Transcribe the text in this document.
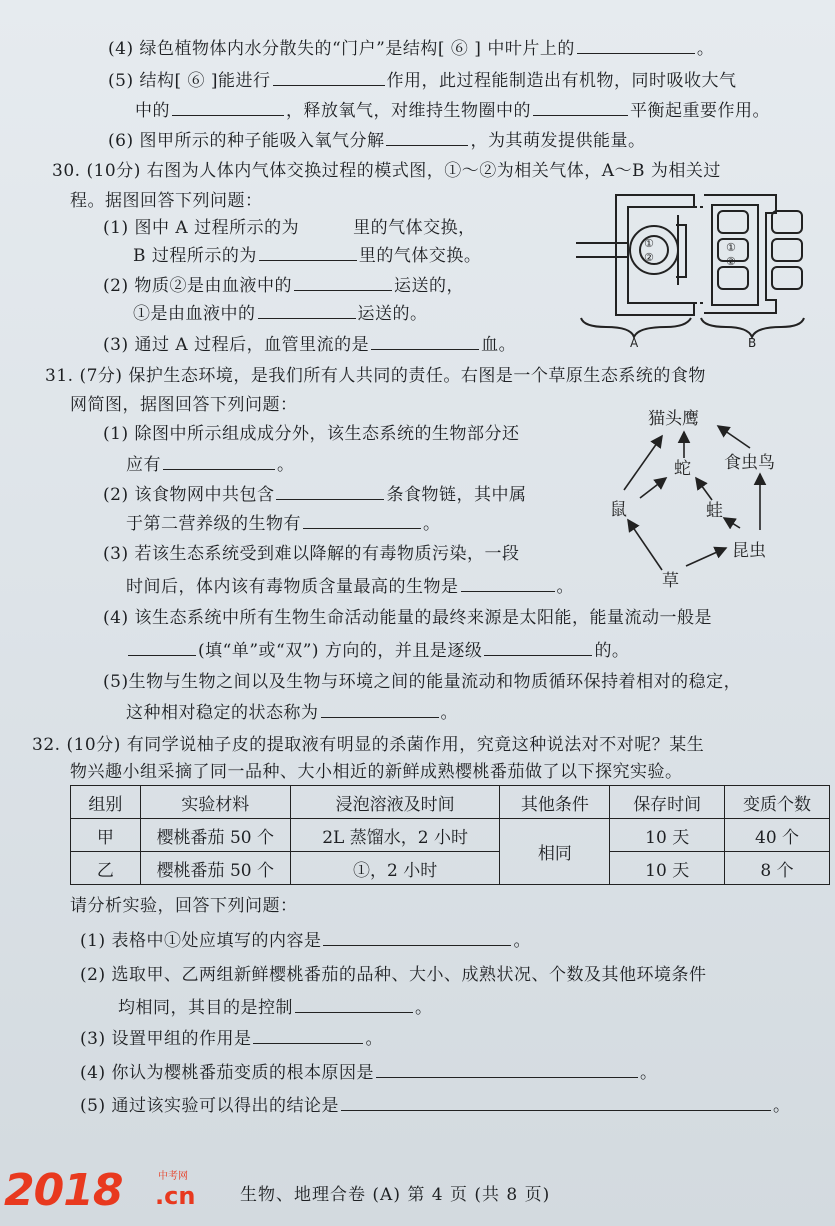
(4) 绿色植物体内水分散失的“门户”是结构[ ⑥ ] 中叶片上的	。
(5) 结构[ ⑥ ]能进行	作用，此过程能制造出有机物，同时吸收大气
中的	，释放氧气，对维持生物圈中的	平衡起重要作用。
(6) 图甲所示的种子能吸入氧气分解	，为其萌发提供能量。
30. (10分) 右图为人体内气体交换过程的模式图，①～②为相关气体，A～B 为相关过
程。据图回答下列问题：
(1) 图中 A 过程所示的为	里的气体交换，
B 过程所示的为	里的气体交换。
(2) 物质②是由血液中的	运送的，
①是由血液中的	运送的。
(3) 通过 A 过程后，血管里流的是	血。
①
②
①
②
A	B
31. (7分) 保护生态环境，是我们所有人共同的责任。右图是一个草原生态系统的食物
网简图，据图回答下列问题：
(1) 除图中所示组成成分外，该生态系统的生物部分还
应有	。
(2) 该食物网中共包含	条食物链，其中属
于第二营养级的生物有	。
(3) 若该生态系统受到难以降解的有毒物质污染，一段
时间后，体内该有毒物质含量最高的生物是	。
(4) 该生态系统中所有生物生命活动能量的最终来源是太阳能，能量流动一般是
(填“单”或“双”) 方向的，并且是逐级	的。
(5)生物与生物之间以及生物与环境之间的能量流动和物质循环保持着相对的稳定，
这种相对稳定的状态称为	。
猫头鹰
蛇 食虫鸟
鼠	蛙
昆虫
草
32. (10分) 有同学说柚子皮的提取液有明显的杀菌作用，究竟这种说法对不对呢？某生
物兴趣小组采摘了同一品种、大小相近的新鲜成熟樱桃番茄做了以下探究实验。
组别	实验材料	浸泡溶液及时间	其他条件	保存时间	变质个数
甲	樱桃番茄 50 个	2L 蒸馏水，2 小时	相同	10 天	40 个
乙	樱桃番茄 50 个	①，2 小时		10 天	8 个
请分析实验，回答下列问题：
(1) 表格中①处应填写的内容是	。
(2) 选取甲、乙两组新鲜樱桃番茄的品种、大小、成熟状况、个数及其他环境条件
均相同，其目的是控制	。
(3) 设置甲组的作用是	。
(4) 你认为樱桃番茄变质的根本原因是	。
(5) 通过该实验可以得出的结论是	。
生物、地理合卷 (A) 第 4 页 (共 8 页)
2018	中考网
.cn
